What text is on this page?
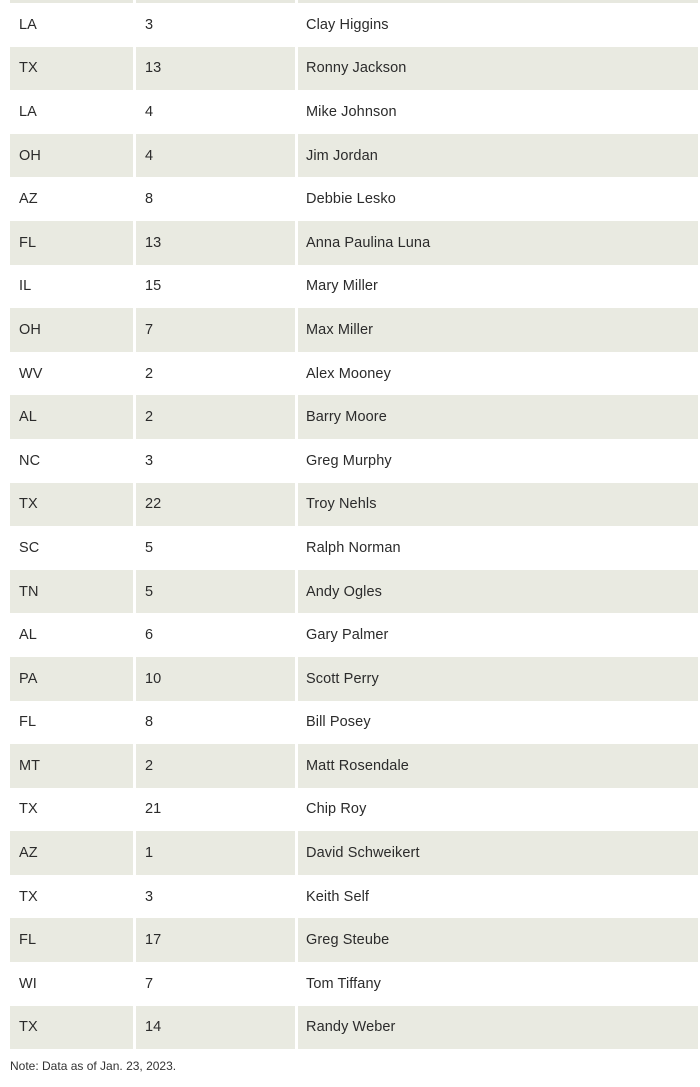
LA	3	Clay Higgins
TX	13	Ronny Jackson
LA	4	Mike Johnson
OH	4	Jim Jordan
AZ	8	Debbie Lesko
FL	13	Anna Paulina Luna
IL	15	Mary Miller
OH	7	Max Miller
WV	2	Alex Mooney
AL	2	Barry Moore
NC	3	Greg Murphy
TX	22	Troy Nehls
SC	5	Ralph Norman
TN	5	Andy Ogles
AL	6	Gary Palmer
PA	10	Scott Perry
FL	8	Bill Posey
MT	2	Matt Rosendale
TX	21	Chip Roy
AZ	1	David Schweikert
TX	3	Keith Self
FL	17	Greg Steube
WI	7	Tom Tiffany
TX	14	Randy Weber
Note: Data as of Jan. 23, 2023.
